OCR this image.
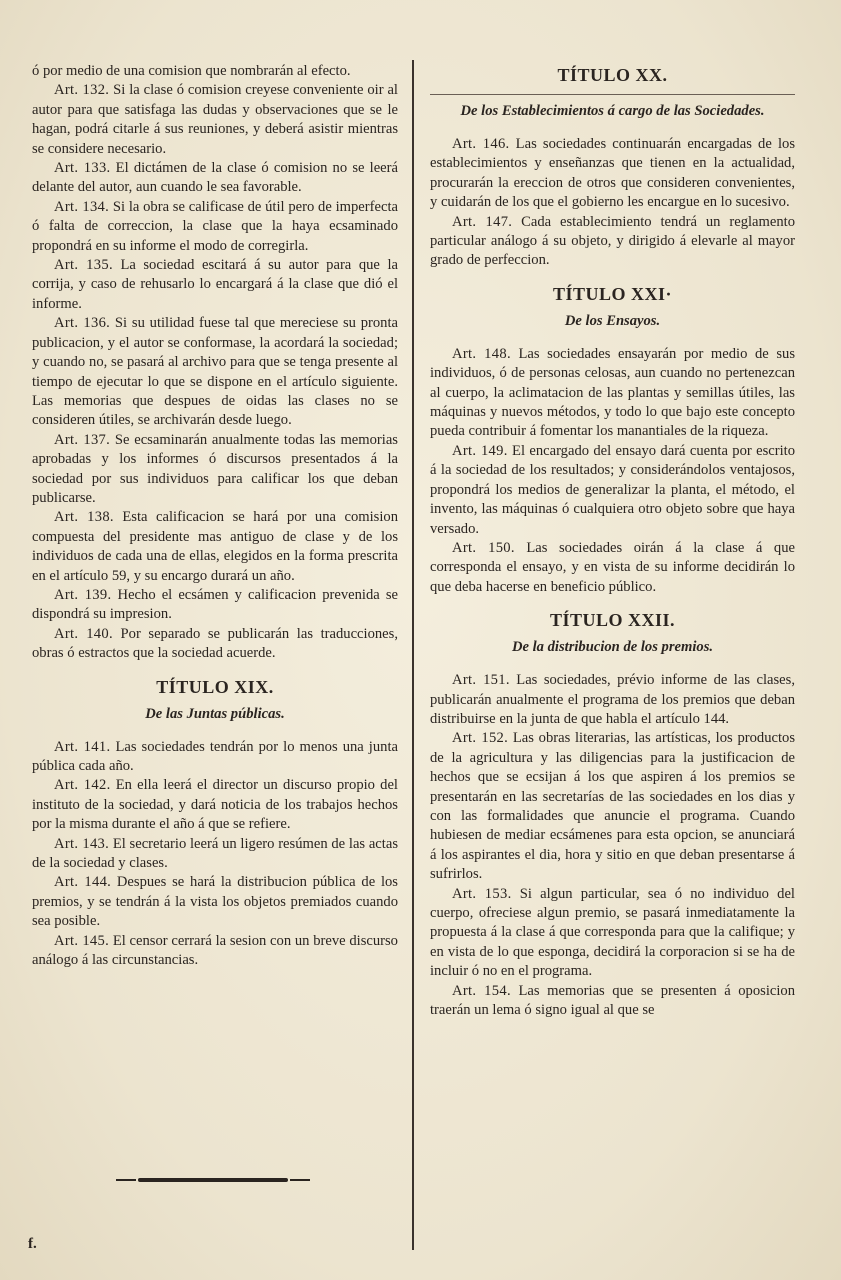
ó por medio de una comision que nombrarán al efecto.

Art. 132. Si la clase ó comision creyese conveniente oir al autor para que satisfaga las dudas y observaciones que se le hagan, podrá citarle á sus reuniones, y deberá asistir mientras se considere necesario.

Art. 133. El dictámen de la clase ó comision no se leerá delante del autor, aun cuando le sea favorable.

Art. 134. Si la obra se calificase de útil pero de imperfecta ó falta de correccion, la clase que la haya ecsaminado propondrá en su informe el modo de corregirla.

Art. 135. La sociedad escitará á su autor para que la corrija, y caso de rehusarlo lo encargará á la clase que dió el informe.

Art. 136. Si su utilidad fuese tal que mereciese su pronta publicacion, y el autor se conformase, la acordará la sociedad; y cuando no, se pasará al archivo para que se tenga presente al tiempo de ejecutar lo que se dispone en el artículo siguiente. Las memorias que despues de oidas las clases no se consideren útiles, se archivarán desde luego.

Art. 137. Se ecsaminarán anualmente todas las memorias aprobadas y los informes ó discursos presentados á la sociedad por sus individuos para calificar los que deban publicarse.

Art. 138. Esta calificacion se hará por una comision compuesta del presidente mas antiguo de clase y de los individuos de cada una de ellas, elegidos en la forma prescrita en el artículo 59, y su encargo durará un año.

Art. 139. Hecho el ecsámen y calificacion prevenida se dispondrá su impresion.

Art. 140. Por separado se publicarán las traducciones, obras ó estractos que la sociedad acuerde.

TÍTULO XIX.
De las Juntas públicas.

Art. 141. Las sociedades tendrán por lo menos una junta pública cada año.

Art. 142. En ella leerá el director un discurso propio del instituto de la sociedad, y dará noticia de los trabajos hechos por la misma durante el año á que se refiere.

Art. 143. El secretario leerá un ligero resúmen de las actas de la sociedad y clases.

Art. 144. Despues se hará la distribucion pública de los premios, y se tendrán á la vista los objetos premiados cuando sea posible.

Art. 145. El censor cerrará la sesion con un breve discurso análogo á las circunstancias.

TÍTULO XX.
De los Establecimientos á cargo de las Sociedades.

Art. 146. Las sociedades continuarán encargadas de los establecimientos y enseñanzas que tienen en la actualidad, procurarán la ereccion de otros que consideren convenientes, y cuidarán de los que el gobierno les encargue en lo sucesivo.

Art. 147. Cada establecimiento tendrá un reglamento particular análogo á su objeto, y dirigido á elevarle al mayor grado de perfeccion.

TÍTULO XXI·
De los Ensayos.

Art. 148. Las sociedades ensayarán por medio de sus individuos, ó de personas celosas, aun cuando no pertenezcan al cuerpo, la aclimatacion de las plantas y semillas útiles, las máquinas y nuevos métodos, y todo lo que bajo este concepto pueda contribuir á fomentar los manantiales de la riqueza.

Art. 149. El encargado del ensayo dará cuenta por escrito á la sociedad de los resultados; y considerándolos ventajosos, propondrá los medios de generalizar la planta, el método, el invento, las máquinas ó cualquiera otro objeto sobre que haya versado.

Art. 150. Las sociedades oirán á la clase á que corresponda el ensayo, y en vista de su informe decidirán lo que deba hacerse en beneficio público.

TÍTULO XXII.
De la distribucion de los premios.

Art. 151. Las sociedades, prévio informe de las clases, publicarán anualmente el programa de los premios que deban distribuirse en la junta de que habla el artículo 144.

Art. 152. Las obras literarias, las artísticas, los productos de la agricultura y las diligencias para la justificacion de hechos que se ecsijan á los que aspiren á los premios se presentarán en las secretarías de las sociedades en los dias y con las formalidades que anuncie el programa. Cuando hubiesen de mediar ecsámenes para esta opcion, se anunciará á los aspirantes el dia, hora y sitio en que deban presentarse á sufrirlos.

Art. 153. Si algun particular, sea ó no individuo del cuerpo, ofreciese algun premio, se pasará inmediatamente la propuesta á la clase á que corresponda para que la califique; y en vista de lo que esponga, decidirá la corporacion si se ha de incluir ó no en el programa.

Art. 154. Las memorias que se presenten á oposicion traerán un lema ó signo igual al que se

f.
